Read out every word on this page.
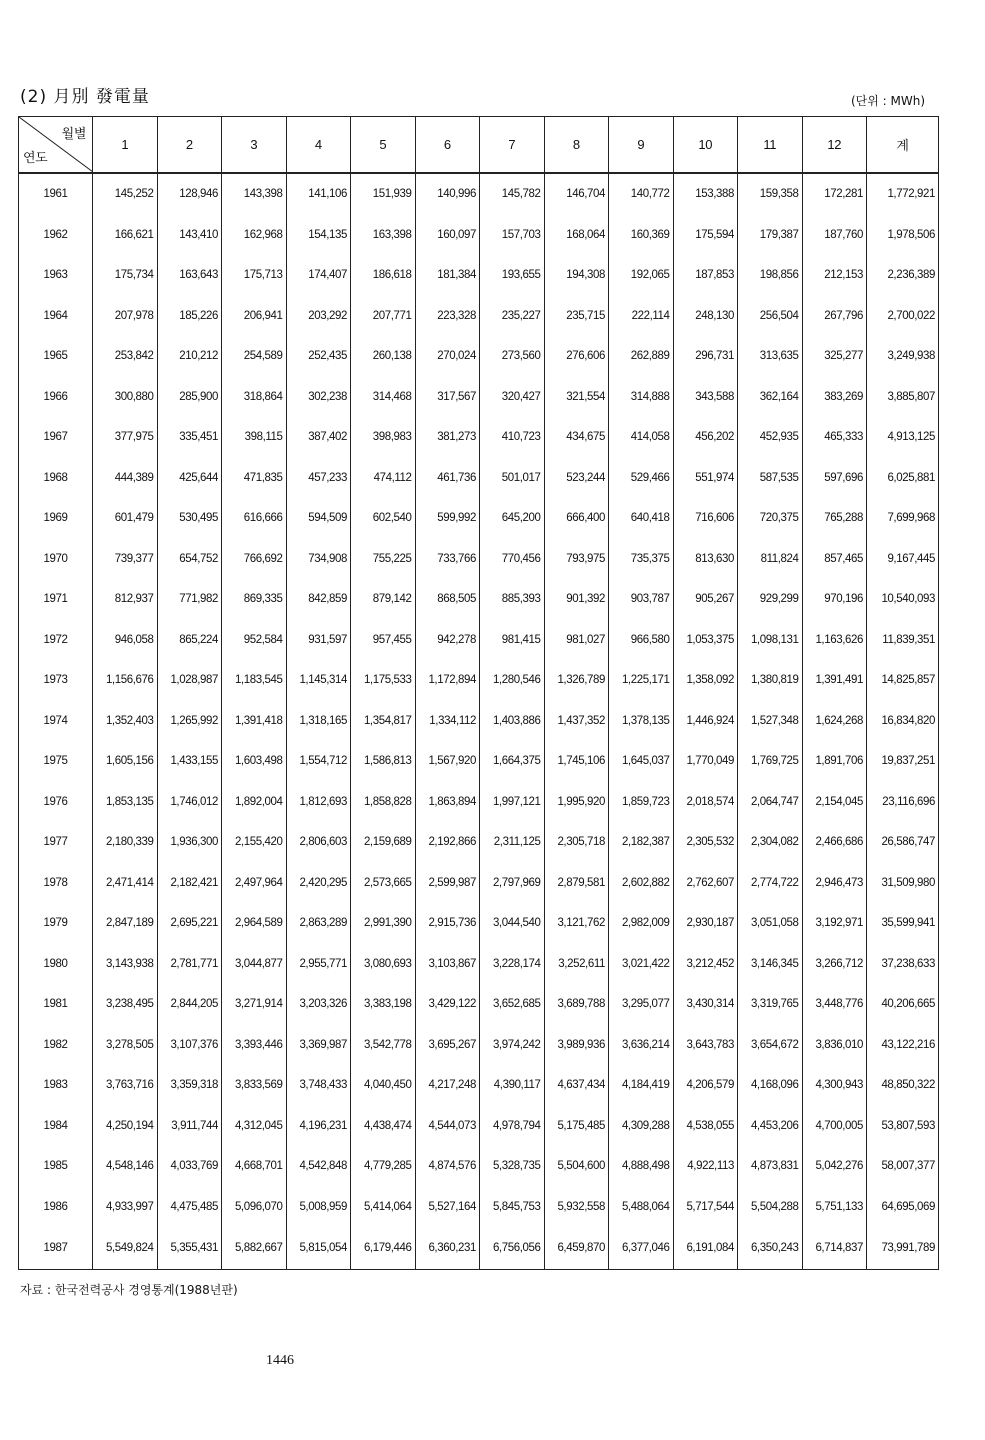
(2) 月別 發電量	(단위 : MWh)
월별
연도	1	2	3	4	5	6	7	8	9	10	11	12	계
1961	145,252	128,946	143,398	141,106	151,939	140,996	145,782	146,704	140,772	153,388	159,358	172,281	1,772,921
1962	166,621	143,410	162,968	154,135	163,398	160,097	157,703	168,064	160,369	175,594	179,387	187,760	1,978,506
1963	175,734	163,643	175,713	174,407	186,618	181,384	193,655	194,308	192,065	187,853	198,856	212,153	2,236,389
1964	207,978	185,226	206,941	203,292	207,771	223,328	235,227	235,715	222,114	248,130	256,504	267,796	2,700,022
1965	253,842	210,212	254,589	252,435	260,138	270,024	273,560	276,606	262,889	296,731	313,635	325,277	3,249,938
1966	300,880	285,900	318,864	302,238	314,468	317,567	320,427	321,554	314,888	343,588	362,164	383,269	3,885,807
1967	377,975	335,451	398,115	387,402	398,983	381,273	410,723	434,675	414,058	456,202	452,935	465,333	4,913,125
1968	444,389	425,644	471,835	457,233	474,112	461,736	501,017	523,244	529,466	551,974	587,535	597,696	6,025,881
1969	601,479	530,495	616,666	594,509	602,540	599,992	645,200	666,400	640,418	716,606	720,375	765,288	7,699,968
1970	739,377	654,752	766,692	734,908	755,225	733,766	770,456	793,975	735,375	813,630	811,824	857,465	9,167,445
1971	812,937	771,982	869,335	842,859	879,142	868,505	885,393	901,392	903,787	905,267	929,299	970,196	10,540,093
1972	946,058	865,224	952,584	931,597	957,455	942,278	981,415	981,027	966,580	1,053,375	1,098,131	1,163,626	11,839,351
1973	1,156,676	1,028,987	1,183,545	1,145,314	1,175,533	1,172,894	1,280,546	1,326,789	1,225,171	1,358,092	1,380,819	1,391,491	14,825,857
1974	1,352,403	1,265,992	1,391,418	1,318,165	1,354,817	1,334,112	1,403,886	1,437,352	1,378,135	1,446,924	1,527,348	1,624,268	16,834,820
1975	1,605,156	1,433,155	1,603,498	1,554,712	1,586,813	1,567,920	1,664,375	1,745,106	1,645,037	1,770,049	1,769,725	1,891,706	19,837,251
1976	1,853,135	1,746,012	1,892,004	1,812,693	1,858,828	1,863,894	1,997,121	1,995,920	1,859,723	2,018,574	2,064,747	2,154,045	23,116,696
1977	2,180,339	1,936,300	2,155,420	2,806,603	2,159,689	2,192,866	2,311,125	2,305,718	2,182,387	2,305,532	2,304,082	2,466,686	26,586,747
1978	2,471,414	2,182,421	2,497,964	2,420,295	2,573,665	2,599,987	2,797,969	2,879,581	2,602,882	2,762,607	2,774,722	2,946,473	31,509,980
1979	2,847,189	2,695,221	2,964,589	2,863,289	2,991,390	2,915,736	3,044,540	3,121,762	2,982,009	2,930,187	3,051,058	3,192,971	35,599,941
1980	3,143,938	2,781,771	3,044,877	2,955,771	3,080,693	3,103,867	3,228,174	3,252,611	3,021,422	3,212,452	3,146,345	3,266,712	37,238,633
1981	3,238,495	2,844,205	3,271,914	3,203,326	3,383,198	3,429,122	3,652,685	3,689,788	3,295,077	3,430,314	3,319,765	3,448,776	40,206,665
1982	3,278,505	3,107,376	3,393,446	3,369,987	3,542,778	3,695,267	3,974,242	3,989,936	3,636,214	3,643,783	3,654,672	3,836,010	43,122,216
1983	3,763,716	3,359,318	3,833,569	3,748,433	4,040,450	4,217,248	4,390,117	4,637,434	4,184,419	4,206,579	4,168,096	4,300,943	48,850,322
1984	4,250,194	3,911,744	4,312,045	4,196,231	4,438,474	4,544,073	4,978,794	5,175,485	4,309,288	4,538,055	4,453,206	4,700,005	53,807,593
1985	4,548,146	4,033,769	4,668,701	4,542,848	4,779,285	4,874,576	5,328,735	5,504,600	4,888,498	4,922,113	4,873,831	5,042,276	58,007,377
1986	4,933,997	4,475,485	5,096,070	5,008,959	5,414,064	5,527,164	5,845,753	5,932,558	5,488,064	5,717,544	5,504,288	5,751,133	64,695,069
1987	5,549,824	5,355,431	5,882,667	5,815,054	6,179,446	6,360,231	6,756,056	6,459,870	6,377,046	6,191,084	6,350,243	6,714,837	73,991,789
자료 : 한국전력공사 경영통계(1988년판)
1446
